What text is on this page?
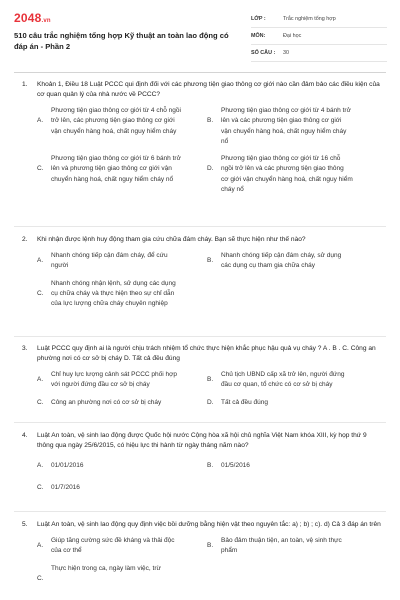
2048.vn
510 câu trắc nghiệm tổng hợp Kỹ thuật an toàn lao động có đáp án - Phần 2
LỚP :	Trắc nghiệm tổng hợp
MÔN:	Đại học
SỐ CÂU :	30
1. Khoản 1, Điều 18 Luật PCCC qui định đối với các phương tiện giao thông cơ giới nào cần đảm bảo các điều kiện của cơ quan quản lý của nhà nước về PCCC?
A.
Phương tiện giao thông cơ giới từ 4 chỗ ngồi trở lên, các phương tiện giao thông cơ giới vận chuyển hàng hoá, chất nguy hiểm cháy
B.
Phương tiện giao thông cơ giới từ 4 bánh trở lên và các phương tiện giao thông cơ giới vận chuyển hàng hoá, chất nguy hiểm cháy nổ
C.
Phương tiện giao thông cơ giới từ 6 bánh trở lên và phương tiện giao thông cơ giới vận chuyển hàng hoá, chất nguy hiểm cháy nổ
D.
Phương tiện giao thông cơ giới từ 16 chỗ ngồi trở lên và các phương tiện giao thông cơ giới vận chuyển hàng hoá, chất nguy hiểm cháy nổ
2. Khi nhận được lệnh huy động tham gia cứu chữa đám cháy. Bạn sẽ thực hiện như thế nào?
A.
Nhanh chóng tiếp cận đám cháy, để cứu người
B.
Nhanh chóng tiếp cận đám cháy, sử dụng các dụng cụ tham gia chữa cháy
C.
Nhanh chóng nhận lệnh, sử dụng các dụng cụ chữa cháy và thực hiện theo sự chỉ dẫn của lực lượng chữa cháy chuyên nghiệp
3. Luật PCCC quy định ai là người chịu trách nhiệm tổ chức thực hiện khắc phục hậu quả vụ cháy ? A . B . C. Công an phường nơi có cơ sở bị cháy D. Tất cả đều đúng
A.
Chỉ huy lực lượng cảnh sát PCCC phối hợp với người đứng đầu cơ sở bị cháy
B.
Chủ tịch UBND cấp xã trở lên, người đứng đầu cơ quan, tổ chức có cơ sở bị cháy
C. Công an phường nơi có cơ sở bị cháy	D. Tất cả đều đúng
4. Luật An toàn, vệ sinh lao động được Quốc hội nước Cộng hòa xã hội chủ nghĩa Việt Nam khóa XIII, kỳ họp thứ 9 thông qua ngày 25/6/2015, có hiệu lực thi hành từ ngày tháng năm nào?
A. 01/01/2016	B. 01/5/2016
C. 01/7/2016
5. Luật An toàn, vệ sinh lao động quy định việc bồi dưỡng bằng hiện vật theo nguyên tắc: a) ; b) ; c). d) Cả 3 đáp án trên
A.
Giúp tăng cường sức đề kháng và thải độc của cơ thể
B.
Bảo đảm thuận tiện, an toàn, vệ sinh thực phẩm
C.
Thực hiện trong ca, ngày làm việc, trừ
